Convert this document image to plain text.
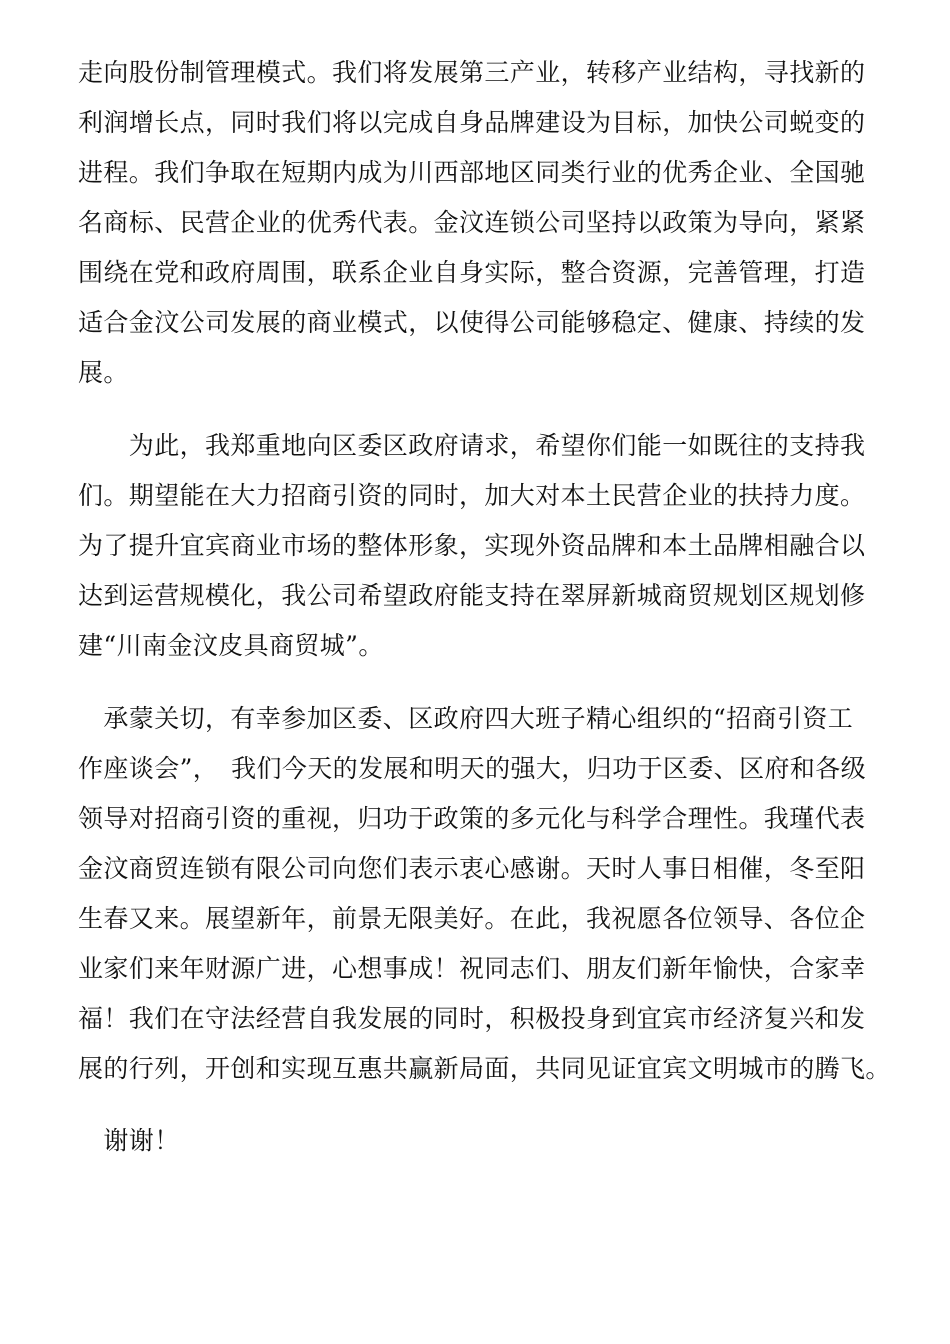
走向股份制管理模式。我们将发展第三产业，转移产业结构，寻找新的
利润增长点，同时我们将以完成自身品牌建设为目标，加快公司蜕变的
进程。我们争取在短期内成为川西部地区同类行业的优秀企业、全国驰
名商标、民营企业的优秀代表。金汶连锁公司坚持以政策为导向，紧紧
围绕在党和政府周围，联系企业自身实际，整合资源，完善管理，打造
适合金汶公司发展的商业模式，以使得公司能够稳定、健康、持续的发
展。
　　为此，我郑重地向区委区政府请求，希望你们能一如既往的支持我
们。期望能在大力招商引资的同时，加大对本土民营企业的扶持力度。
为了提升宜宾商业市场的整体形象，实现外资品牌和本土品牌相融合以
达到运营规模化，我公司希望政府能支持在翠屏新城商贸规划区规划修
建“川南金汶皮具商贸城”。
　承蒙关切，有幸参加区委、区政府四大班子精心组织的“招商引资工
作座谈会”，　我们今天的发展和明天的强大，归功于区委、区府和各级
领导对招商引资的重视，归功于政策的多元化与科学合理性。我瑾代表
金汶商贸连锁有限公司向您们表示衷心感谢。天时人事日相催，冬至阳
生春又来。展望新年，前景无限美好。在此，我祝愿各位领导、各位企
业家们来年财源广进，心想事成！祝同志们、朋友们新年愉快，合家幸
福！我们在守法经营自我发展的同时，积极投身到宜宾市经济复兴和发
展的行列，开创和实现互惠共赢新局面，共同见证宜宾文明城市的腾飞。
　谢谢！
